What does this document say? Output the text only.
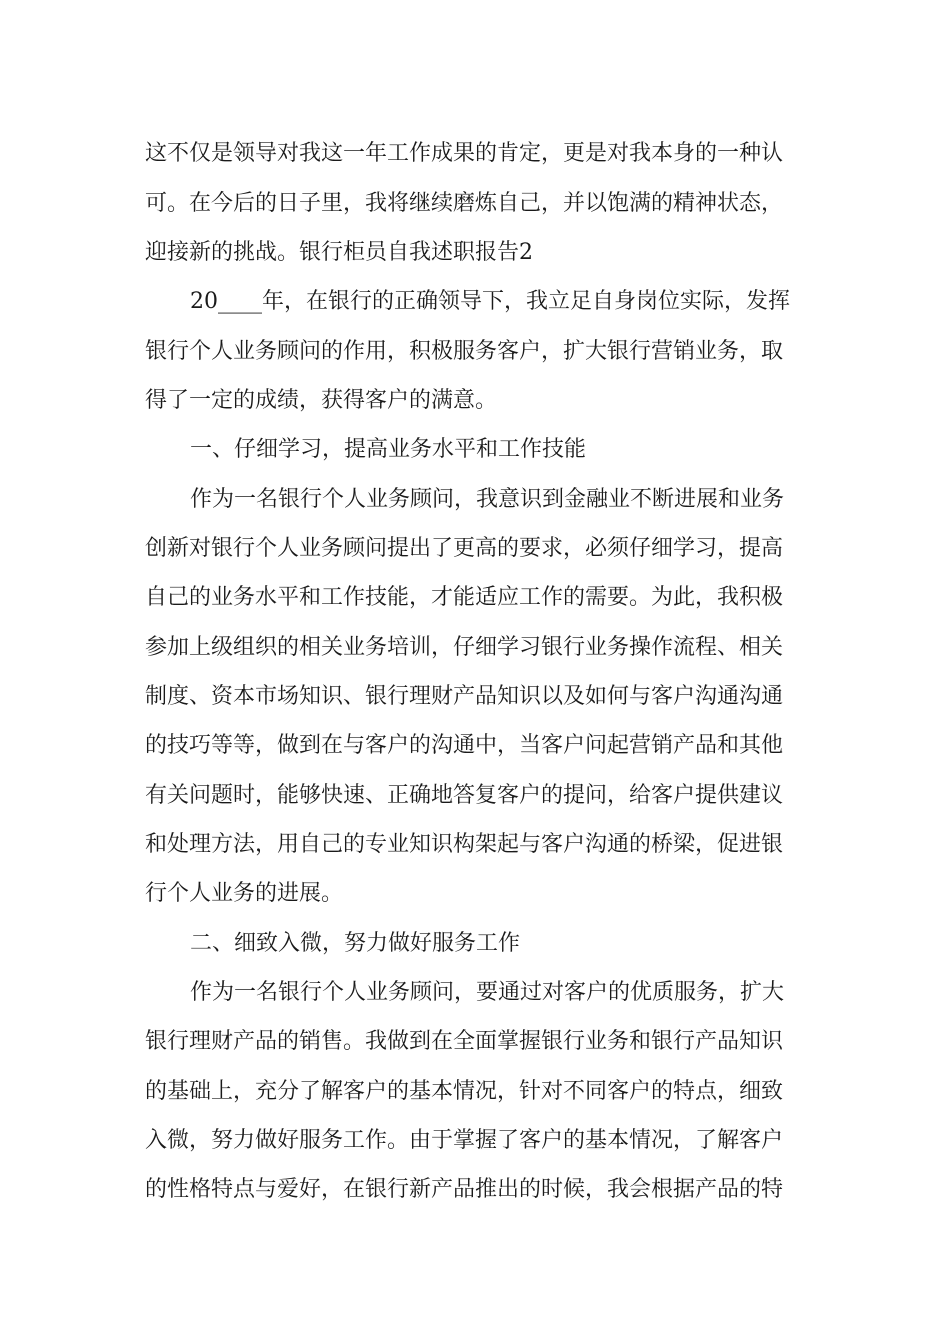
这不仅是领导对我这一年工作成果的肯定，更是对我本身的一种认
可。在今后的日子里，我将继续磨炼自己，并以饱满的精神状态，
迎接新的挑战。银行柜员自我述职报告2
20____年，在银行的正确领导下，我立足自身岗位实际，发挥
银行个人业务顾问的作用，积极服务客户，扩大银行营销业务，取
得了一定的成绩，获得客户的满意。
一、仔细学习，提高业务水平和工作技能
作为一名银行个人业务顾问，我意识到金融业不断进展和业务
创新对银行个人业务顾问提出了更高的要求，必须仔细学习，提高
自己的业务水平和工作技能，才能适应工作的需要。为此，我积极
参加上级组织的相关业务培训，仔细学习银行业务操作流程、相关
制度、资本市场知识、银行理财产品知识以及如何与客户沟通沟通
的技巧等等，做到在与客户的沟通中，当客户问起营销产品和其他
有关问题时，能够快速、正确地答复客户的提问，给客户提供建议
和处理方法，用自己的专业知识构架起与客户沟通的桥梁，促进银
行个人业务的进展。
二、细致入微，努力做好服务工作
作为一名银行个人业务顾问，要通过对客户的优质服务，扩大
银行理财产品的销售。我做到在全面掌握银行业务和银行产品知识
的基础上，充分了解客户的基本情况，针对不同客户的特点，细致
入微，努力做好服务工作。由于掌握了客户的基本情况，了解客户
的性格特点与爱好，在银行新产品推出的时候，我会根据产品的特
